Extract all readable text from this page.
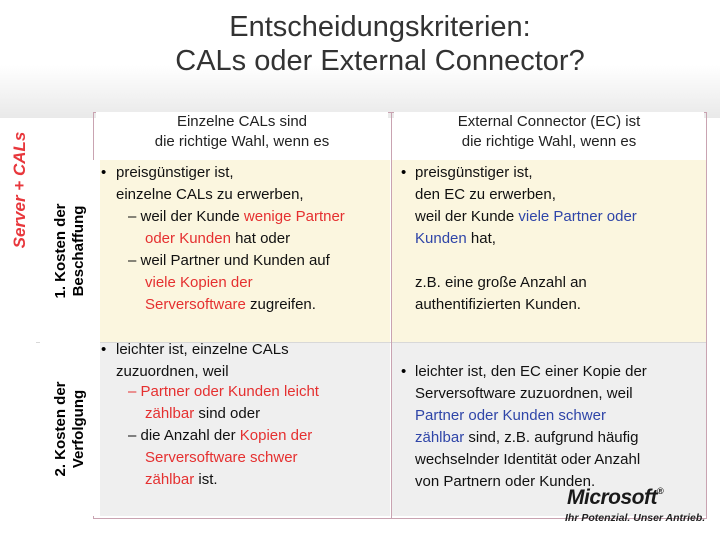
Entscheidungskriterien:
CALs oder External Connector?
Server + CALs
1. Kosten der Beschaffung
2. Kosten der Verfolgung
Einzelne CALs sind
die richtige Wahl, wenn es
External Connector (EC) ist
die richtige Wahl, wenn es
• preisgünstiger ist,
einzelne CALs zu erwerben,
– weil der Kunde wenige Partner
oder Kunden hat oder
– weil Partner und Kunden auf
viele Kopien der
Serversoftware zugreifen.
• preisgünstiger ist,
den EC zu erwerben,
weil der Kunde viele Partner oder
Kunden hat,
z.B. eine große Anzahl an
authentifizierten Kunden.
• leichter ist, einzelne CALs
zuzuordnen, weil
– Partner oder Kunden leicht
zählbar sind oder
– die Anzahl der Kopien der
Serversoftware schwer
zählbar ist.
• leichter ist, den EC einer Kopie der
Serversoftware zuzuordnen, weil
Partner oder Kunden schwer
zählbar sind, z.B. aufgrund häufig
wechselnder Identität oder Anzahl
von Partnern oder Kunden.
Microsoft®
Ihr Potenzial. Unser Antrieb.
